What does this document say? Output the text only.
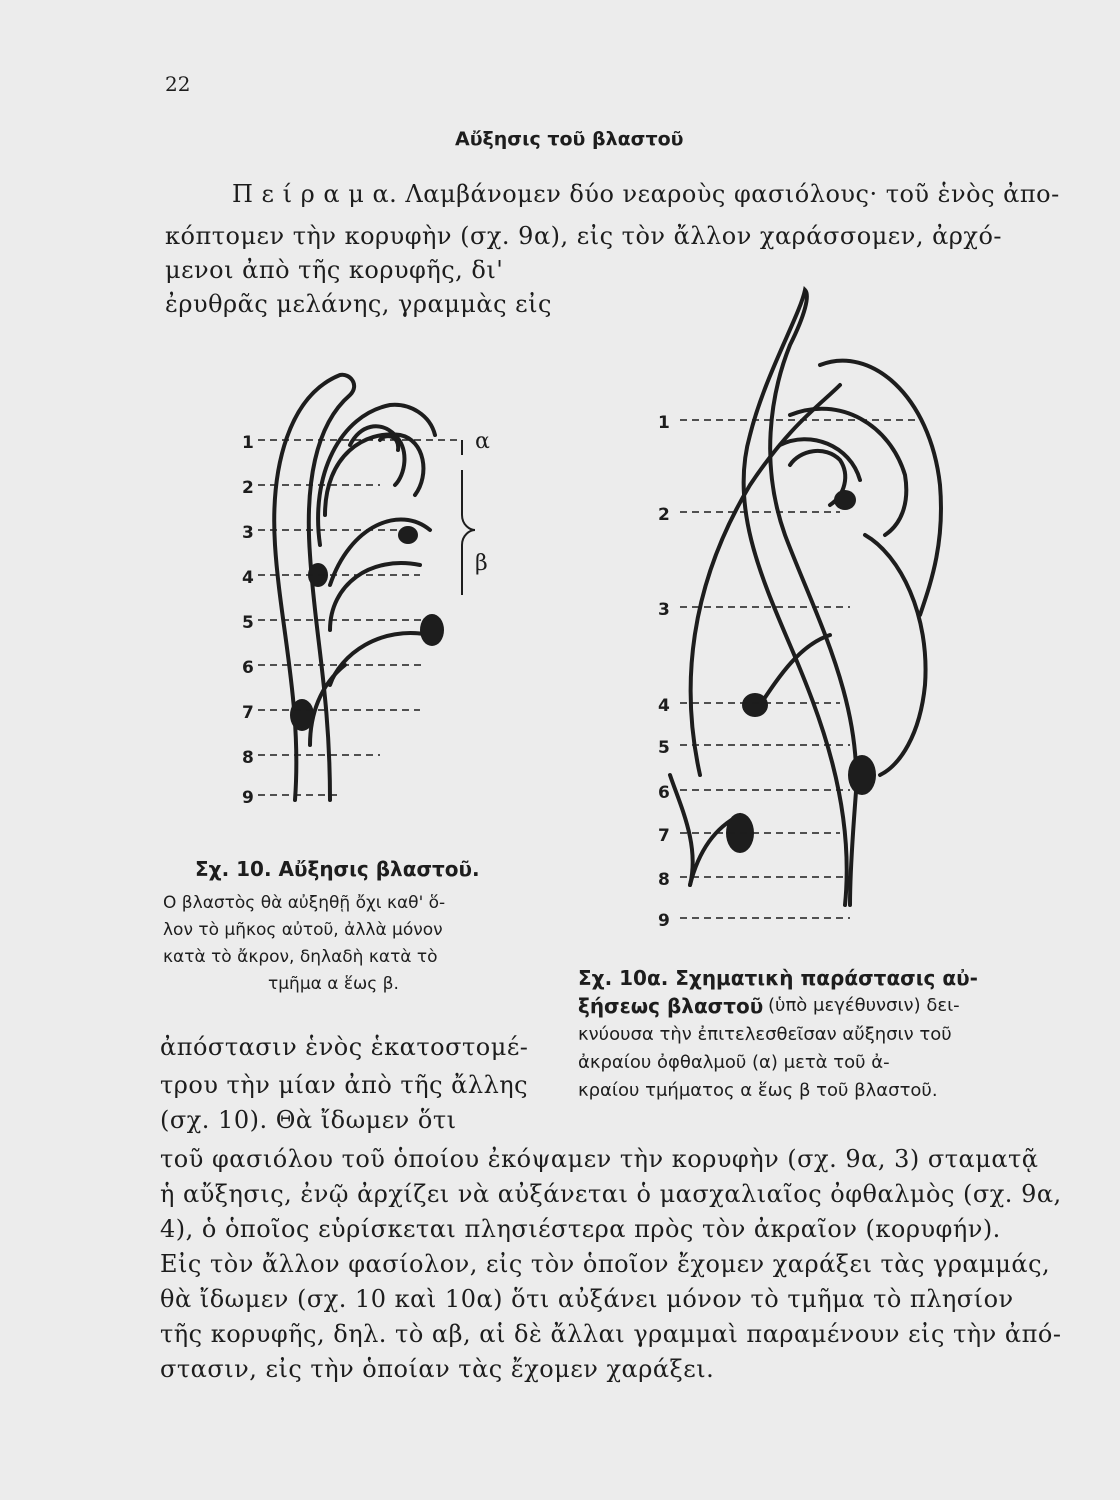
22
Αὔξησις τοῦ βλαστοῦ
Π ε ί ρ α μ α. Λαμβάνομεν δύο νεαροὺς φασιόλους· τοῦ ἑνὸς ἀπο-
κόπτομεν τὴν κορυφὴν (σχ. 9α), εἰς τὸν ἄλλον χαράσσομεν, ἀρχό-
μενοι ἀπὸ τῆς κορυφῆς, δι'
ἐρυθρᾶς μελάνης, γραμμὰς εἰς
1
2
3
4
5
6
7
8
9
α
β
1
2
3
4
5
6
7
8
9
Σχ. 10. Αὔξησις βλαστοῦ.
Ο βλαστὸς θὰ αὐξηθῇ ὄχι καθ' ὅ-
λον τὸ μῆκος αὐτοῦ, ἀλλὰ μόνον
κατὰ τὸ ἄκρον, δηλαδὴ κατὰ τὸ
τμῆμα α ἕως β.	Σχ. 10α. Σχηματικὴ παράστασις αὐ-
ξήσεως βλαστοῦ (ὑπὸ μεγέθυνσιν) δει-
κνύουσα τὴν ἐπιτελεσθεῖσαν αὔξησιν τοῦ
ἀκραίου ὀφθαλμοῦ (α) μετὰ τοῦ ἀ-
κραίου τμήματος α ἕως β τοῦ βλαστοῦ.
ἀπόστασιν ἑνὸς ἑκατοστομέ-
τρου τὴν μίαν ἀπὸ τῆς ἄλλης
(σχ. 10). Θὰ ἴδωμεν ὅτι
τοῦ φασιόλου τοῦ ὁποίου ἐκόψαμεν τὴν κορυφὴν (σχ. 9α, 3) σταματᾷ
ἡ αὔξησις, ἐνῷ ἀρχίζει νὰ αὐξάνεται ὁ μασχαλιαῖος ὀφθαλμὸς (σχ. 9α,
4), ὁ ὁποῖος εὑρίσκεται πλησιέστερα πρὸς τὸν ἀκραῖον (κορυφήν).
Εἰς τὸν ἄλλον φασίολον, εἰς τὸν ὁποῖον ἔχομεν χαράξει τὰς γραμμάς,
θὰ ἴδωμεν (σχ. 10 καὶ 10α) ὅτι αὐξάνει μόνον τὸ τμῆμα τὸ πλησίον
τῆς κορυφῆς, δηλ. τὸ αβ, αἱ δὲ ἄλλαι γραμμαὶ παραμένουν εἰς τὴν ἀπό-
στασιν, εἰς τὴν ὁποίαν τὰς ἔχομεν χαράξει.
